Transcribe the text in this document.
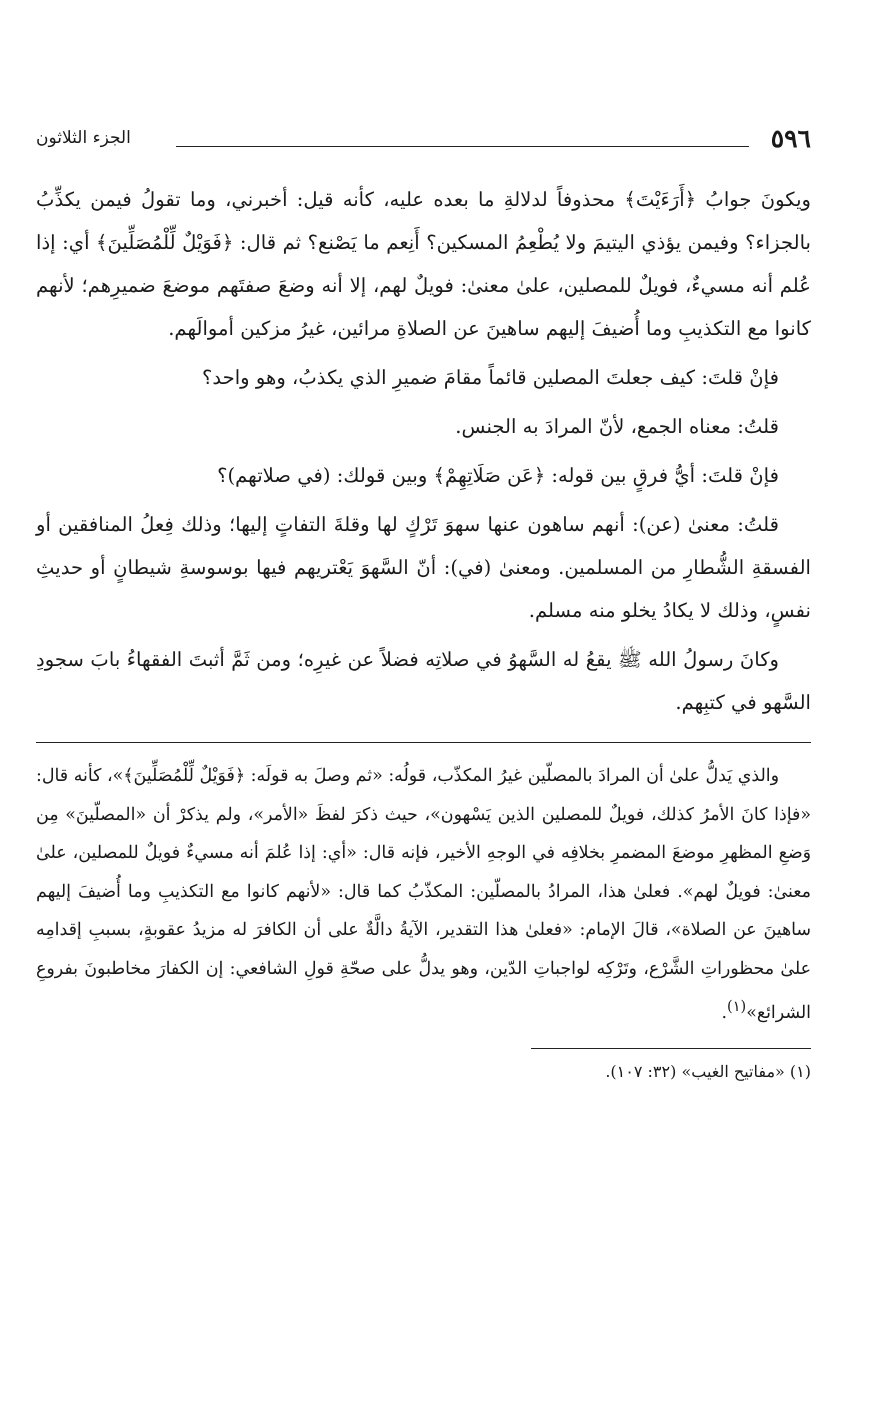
٥٩٦
الجزء الثلاثون

ويكونَ جوابُ ﴿أَرَءَيْتَ﴾ محذوفاً لدلالةِ ما بعده عليه، كأنه قيل: أخبرني، وما تقولُ فيمن يكذِّبُ بالجزاء؟ وفيمن يؤذي اليتيمَ ولا يُطْعِمُ المسكين؟ أَنِعم ما يَصْنع؟ ثم قال: ﴿فَوَيْلٌ لِّلْمُصَلِّينَ﴾ أي: إذا عُلم أنه مسيءٌ، فويلٌ للمصلين، علىٰ معنىٰ: فويلٌ لهم، إلا أنه وضعَ صفتَهم موضعَ ضميرِهم؛ لأنهم كانوا مع التكذيبِ وما أُضيفَ إليهم ساهينَ عن الصلاةِ مرائين، غيرُ مزكين أموالَهم.

فإنْ قلتَ: كيف جعلتَ المصلين قائماً مقامَ ضميرِ الذي يكذبُ، وهو واحد؟

قلتُ: معناه الجمع، لأنّ المرادَ به الجنس.

فإنْ قلتَ: أيُّ فرقٍ بين قوله: ﴿عَن صَلَاتِهِمْ﴾ وبين قولك: (في صلاتهم)؟

قلتُ: معنىٰ (عن): أنهم ساهون عنها سهوَ تَرْكٍ لها وقلةَ التفاتٍ إليها؛ وذلك فِعلُ المنافقين أو الفسقةِ الشُّطارِ من المسلمين. ومعنىٰ (في): أنّ السَّهوَ يَعْتريهم فيها بوسوسةِ شيطانٍ أو حديثِ نفسٍ، وذلك لا يكادُ يخلو منه مسلم.

وكانَ رسولُ الله ﷺ يقعُ له السَّهوُ في صلاتِه فضلاً عن غيرِه؛ ومن ثَمَّ أثبتَ الفقهاءُ بابَ سجودِ السَّهو في كتبِهم.

والذي يَدلُّ علىٰ أن المرادَ بالمصلّين غيرُ المكذّب، قولُه: «ثم وصلَ به قولَه: ﴿فَوَيْلٌ لِّلْمُصَلِّينَ﴾»، كأنه قال: «فإذا كانَ الأمرُ كذلك، فويلٌ للمصلين الذين يَسْهون»، حيث ذكرَ لفظَ «الأمر»، ولم يذكرْ أن «المصلّينَ» مِن وَضعِ المظهرِ موضعَ المضمرِ بخلافِه في الوجهِ الأخير، فإنه قال: «أي: إذا عُلمَ أنه مسيءٌ فويلٌ للمصلين، علىٰ معنىٰ: فويلٌ لهم». فعلىٰ هذا، المرادُ بالمصلّين: المكذّبُ كما قال: «لأنهم كانوا مع التكذيبِ وما أُضيفَ إليهم ساهينَ عن الصلاة»، قالَ الإمام: «فعلىٰ هذا التقدير، الآيةُ دالَّةٌ على أن الكافرَ له مزيدُ عقوبةٍ، بسببِ إقدامِه علىٰ محظوراتِ الشَّرْع، وتَرْكِه لواجباتِ الدّين، وهو يدلُّ على صحّةِ قولِ الشافعي: إن الكفارَ مخاطبونَ بفروعِ الشرائع»$^{(١)}$.

(١) «مفاتيح الغيب» (٣٢: ١٠٧).
